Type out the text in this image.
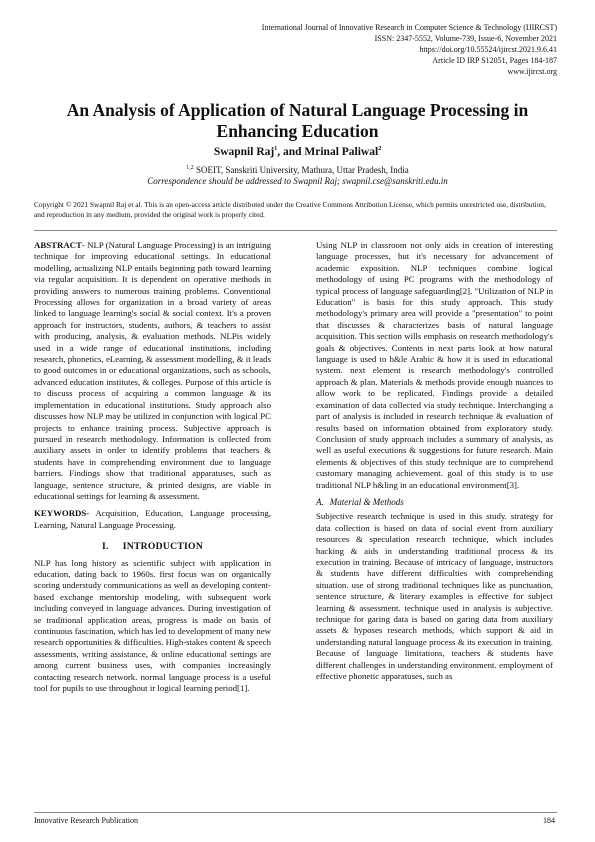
International Journal of Innovative Research in Computer Science & Technology (IJIRCST)
ISSN: 2347-5552, Volume-739, Issue-6, November 2021
https://doi.org/10.55524/ijircst.2021.9.6.41
Article ID IRP S12051, Pages 184-187
www.ijircst.org
An Analysis of Application of Natural Language Processing in Enhancing Education
Swapnil Raj$^1$, and Mrinal Paliwal$^2$
$^{1,2}$ SOEIT, Sanskriti University, Mathura, Uttar Pradesh, India
Correspondence should be addressed to Swapnil Raj; swapnil.cse@sanskriti.edu.in
Copyright © 2021 Swapnil Raj et al. This is an open-access article distributed under the Creative Commons Attribution License, which permits unrestricted use, distribution, and reproduction in any medium, provided the original work is properly cited.

ABSTRACT- NLP (Natural Language Processing) is an intriguing technique for improving educational settings. In educational modelling, actualizing NLP entails beginning path toward learning via regular acquisition. It is dependent on operative methods in providing answers to numerous training problems. Conventional Processing allows for organization in a broad variety of areas linked to language learning's social & social context. It's a proven approach for instructors, students, authors, & teachers to assist with producing, analysis, & evaluation methods. NLPis widely used in a wide range of educational institutions, including research, phonetics, eLearning, & assessment modelling, & it leads to good outcomes in or educational organizations, such as schools, advanced education institutes, & colleges. Purpose of this article is to discuss process of acquiring a common language & its implementation in educational institutions. Study approach also discusses how NLP may be utilized in conjunction with logical PC projects to enhance training process. Subjective approach is pursued in research methodology. Information is collected from auxiliary assets in order to identify problems that teachers & students have in comprehending environment due to language barriers. Findings show that traditional apparatuses, such as language, sentence structure, & printed designs, are viable in educational settings for learning & assessment.

KEYWORDS- Acquisition, Education, Language processing, Learning, Natural Language Processing.

I. INTRODUCTION

NLP has long history as scientific subject with application in education, dating back to 1960s. first focus was on organically scoring understudy communications as well as developing content-based exchange mentorship modeling, with subsequent work including conveyed in language advances. During investigation of se traditional application areas, progress is made on basis of continuous fascination, which has led to development of many new research opportunities & difficulties. High-stakes content & speech assessments, writing assistance, & online educational settings are among current business uses, with companies increasingly contacting research network. normal language process is a useful tool for pupils to use throughout ir logical learning period[1].

Using NLP in classroom not only aids in creation of interesting language processes, but it's necessary for advancement of academic exposition. NLP techniques combine logical methodology of using PC programs with the methodology of typical process of language safeguarding[2]. "Utilization of NLP in Education" is basis for this study approach. This study methodology's primary area will provide a "presentation" to point that discusses & characterizes basis of natural language acquisition. This section wills emphasis on research methodology's goals & objectives. Contents in next parts look at how natural language is used to h&le Arabic & how it is used in educational system. next element is research methodology's controlled approach & plan. Materials & methods provide enough nuances to allow work to be replicated. Findings provide a detailed examination of data collected via study technique. Interchanging a part of analysis is included in research technique & evaluation of results based on information obtained from exploratory study. Conclusion of study approach includes a summary of analysis, as well as useful executions & suggestions for future research. Main elements & objectives of this study technique are to comprehend customary managing achievement. goal of this study is to use traditional NLP h&ling in an educational environment[3].

A. Material & Methods

Subjective research technique is used in this study. strategy for data collection is based on data of social event from auxiliary resources & speculation research technique, which includes backing & aids in understanding traditional process & its execution in training. Because of intricacy of language, instructors & students have different difficulties with comprehending situation. use of strong traditional techniques like as punctuation, sentence structure, & literary examples is effective for subject learning & assessment. technique used in analysis is subjective. technique for garing data is based on garing data from auxiliary assets & hyposes research methods, which support & aid in understanding natural language process & its execution in training. Because of language limitations, teachers & students have different challenges in understanding environment. employment of effective phonetic apparatuses, such as

Innovative Research Publication	184
